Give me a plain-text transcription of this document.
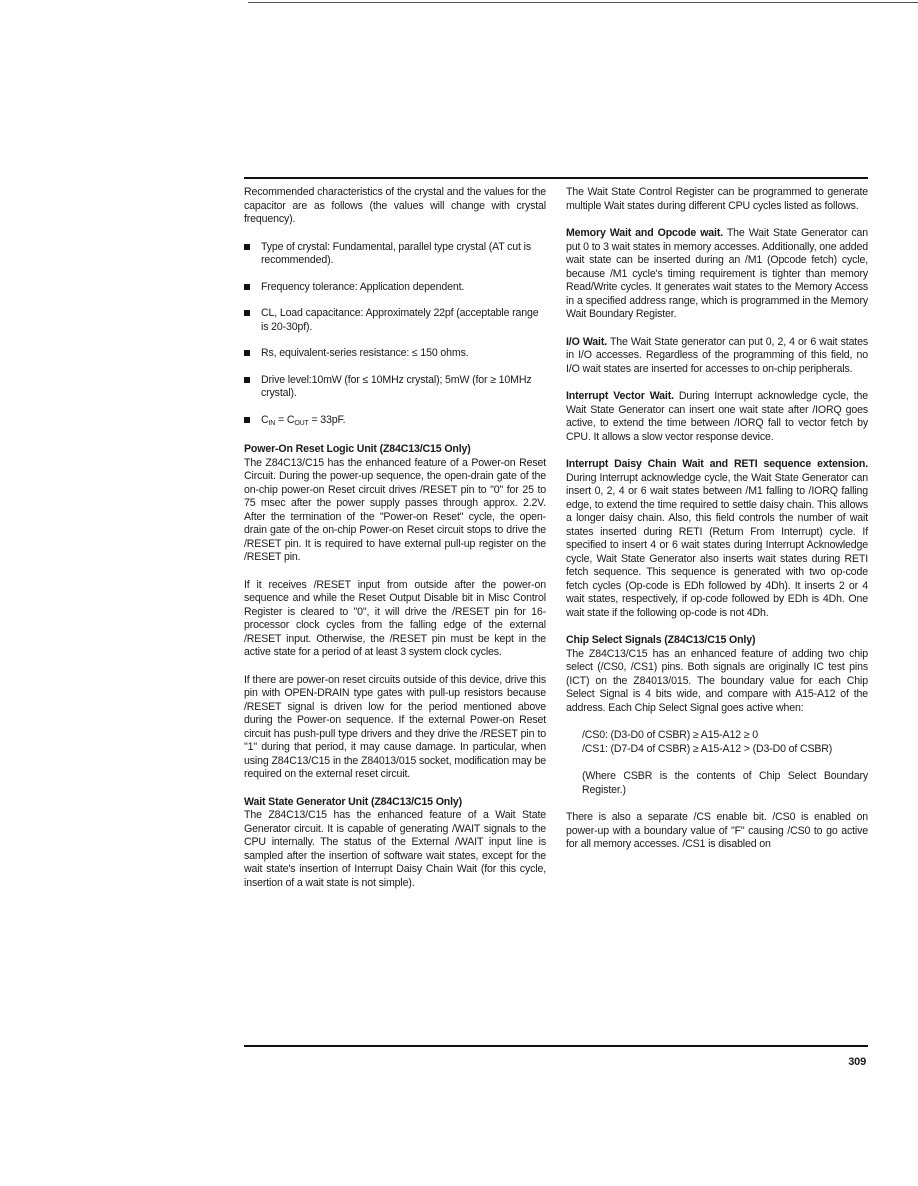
Recommended characteristics of the crystal and the values for the capacitor are as follows (the values will change with crystal frequency).

Type of crystal: Fundamental, parallel type crystal (AT cut is recommended).
Frequency tolerance: Application dependent.
CL, Load capacitance: Approximately 22pf (acceptable range is 20-30pf).
Rs, equivalent-series resistance: ≤ 150 ohms.
Drive level:10mW (for ≤ 10MHz crystal); 5mW (for ≥ 10MHz crystal).
$C_{IN} = C_{OUT} = 33pF$.
Power-On Reset Logic Unit (Z84C13/C15 Only)

The Z84C13/C15 has the enhanced feature of a Power-on Reset Circuit. During the power-up sequence, the open-drain gate of the on-chip power-on Reset circuit drives /RESET pin to "0" for 25 to 75 msec after the power supply passes through approx. 2.2V. After the termination of the "Power-on Reset" cycle, the open-drain gate of the on-chip Power-on Reset circuit stops to drive the /RESET pin. It is required to have external pull-up register on the /RESET pin.

If it receives /RESET input from outside after the power-on sequence and while the Reset Output Disable bit in Misc Control Register is cleared to "0", it will drive the /RESET pin for 16-processor clock cycles from the falling edge of the external /RESET input. Otherwise, the /RESET pin must be kept in the active state for a period of at least 3 system clock cycles.

If there are power-on reset circuits outside of this device, drive this pin with OPEN-DRAIN type gates with pull-up resistors because /RESET signal is driven low for the period mentioned above during the Power-on sequence. If the external Power-on Reset circuit has push-pull type drivers and they drive the /RESET pin to "1" during that period, it may cause damage. In particular, when using Z84C13/C15 in the Z84013/015 socket, modification may be required on the external reset circuit.

Wait State Generator Unit (Z84C13/C15 Only)

The Z84C13/C15 has the enhanced feature of a Wait State Generator circuit. It is capable of generating /WAIT signals to the CPU internally. The status of the External /WAIT input line is sampled after the insertion of software wait states, except for the wait state's insertion of Interrupt Daisy Chain Wait (for this cycle, insertion of a wait state is not simple).

The Wait State Control Register can be programmed to generate multiple Wait states during different CPU cycles listed as follows.

Memory Wait and Opcode wait. The Wait State Generator can put 0 to 3 wait states in memory accesses. Additionally, one added wait state can be inserted during an /M1 (Opcode fetch) cycle, because /M1 cycle's timing requirement is tighter than memory Read/Write cycles. It generates wait states to the Memory Access in a specified address range, which is programmed in the Memory Wait Boundary Register.

I/O Wait. The Wait State generator can put 0, 2, 4 or 6 wait states in I/O accesses. Regardless of the programming of this field, no I/O wait states are inserted for accesses to on-chip peripherals.

Interrupt Vector Wait. During Interrupt acknowledge cycle, the Wait State Generator can insert one wait state after /IORQ goes active, to extend the time between /IORQ fall to vector fetch by CPU. It allows a slow vector response device.

Interrupt Daisy Chain Wait and RETI sequence extension. During Interrupt acknowledge cycle, the Wait State Generator can insert 0, 2, 4 or 6 wait states between /M1 falling to /IORQ falling edge, to extend the time required to settle daisy chain. This allows a longer daisy chain. Also, this field controls the number of wait states inserted during RETI (Return From Interrupt) cycle. If specified to insert 4 or 6 wait states during Interrupt Acknowledge cycle, Wait State Generator also inserts wait states during RETI fetch sequence. This sequence is generated with two op-code fetch cycles (Op-code is EDh followed by 4Dh). It inserts 2 or 4 wait states, respectively, if op-code followed by EDh is 4Dh. One wait state if the following op-code is not 4Dh.

Chip Select Signals (Z84C13/C15 Only)

The Z84C13/C15 has an enhanced feature of adding two chip select (/CS0, /CS1) pins. Both signals are originally IC test pins (ICT) on the Z84013/015. The boundary value for each Chip Select Signal is 4 bits wide, and compare with A15-A12 of the address. Each Chip Select Signal goes active when:

/CS0: (D3-D0 of CSBR) ≥ A15-A12 ≥ 0
/CS1: (D7-D4 of CSBR) ≥ A15-A12 > (D3-D0 of CSBR)

(Where CSBR is the contents of Chip Select Boundary Register.)

There is also a separate /CS enable bit. /CS0 is enabled on power-up with a boundary value of "F" causing /CS0 to go active for all memory accesses. /CS1 is disabled on

309
